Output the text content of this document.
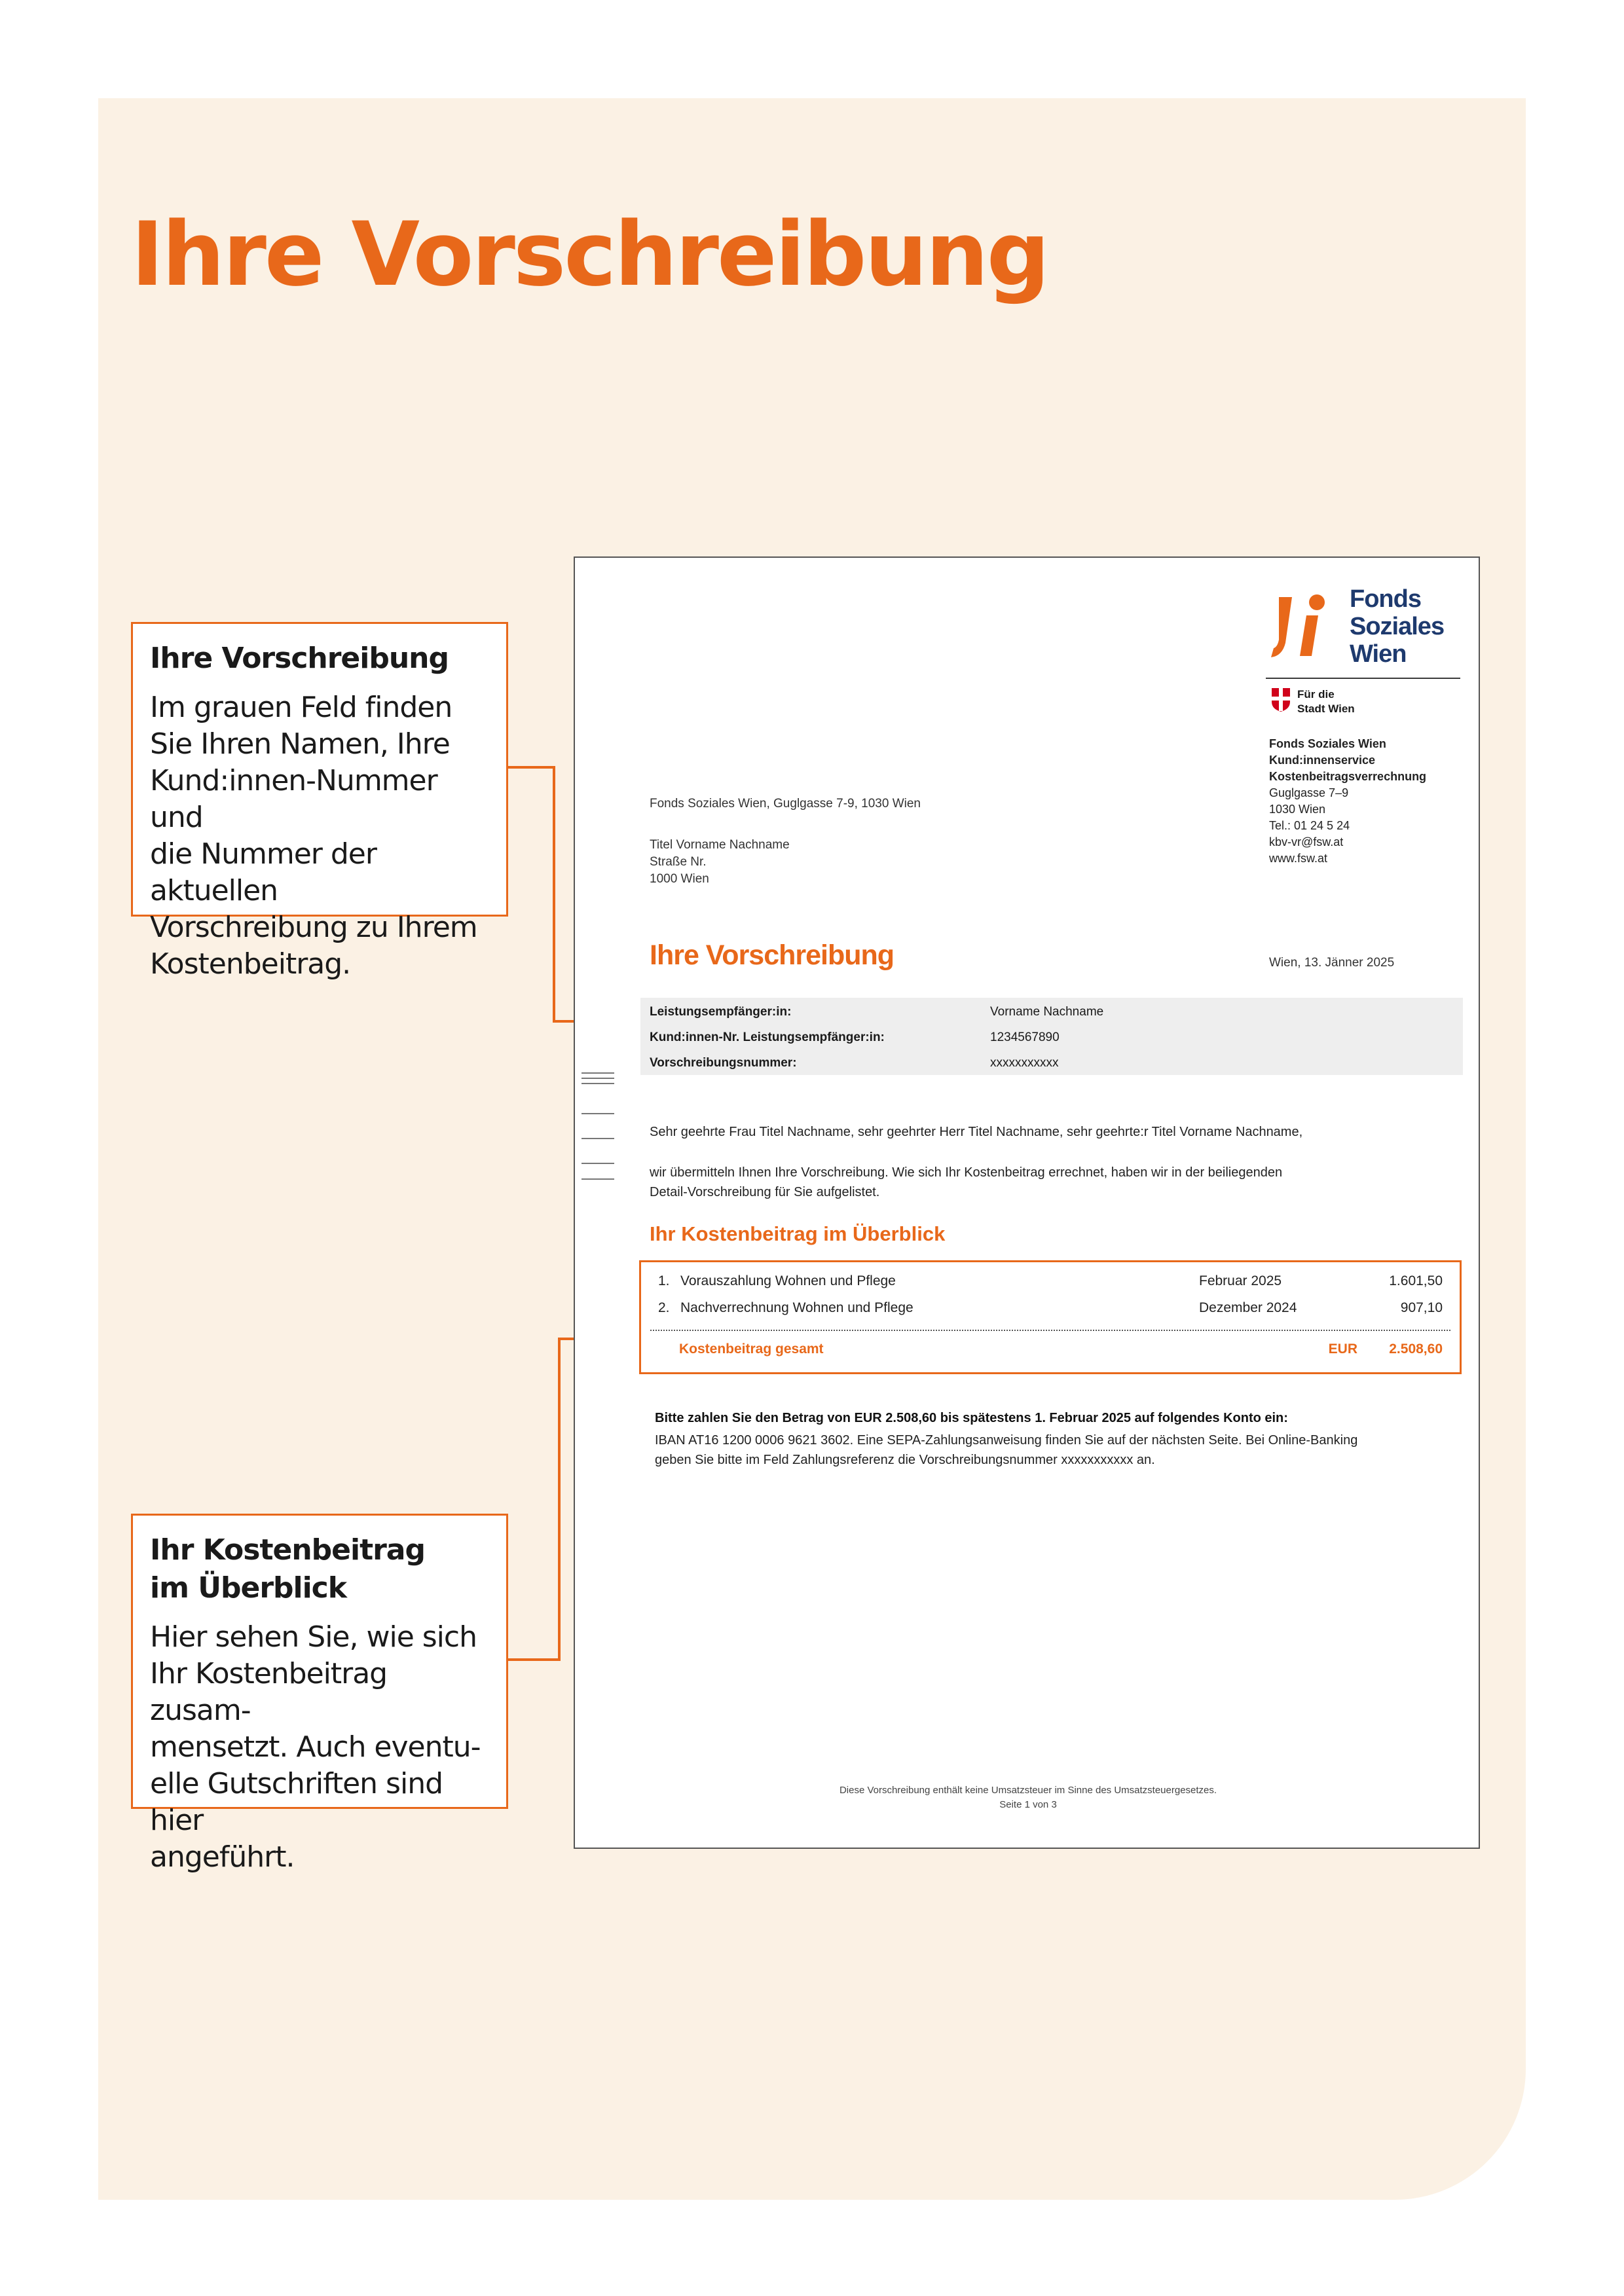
Ihre Vorschreibung
Ihre Vorschreibung
Im grauen Feld finden
Sie Ihren Namen, Ihre
Kund:innen-Nummer und
die Nummer der aktuellen
Vorschreibung zu Ihrem
Kostenbeitrag.
Ihr Kostenbeitrag
im Überblick
Hier sehen Sie, wie sich
Ihr Kostenbeitrag zusam-
mensetzt. Auch eventu-
elle Gutschriften sind hier
angeführt.
Fonds
Soziales
Wien
Für die
Stadt Wien
Fonds Soziales Wien
Kund:innenservice
Kostenbeitragsverrechnung
Guglgasse 7–9
1030 Wien
Tel.: 01 24 5 24
kbv-vr@fsw.at
www.fsw.at
Fonds Soziales Wien, Guglgasse 7-9, 1030 Wien
Titel Vorname Nachname
Straße Nr.
1000 Wien
Ihre Vorschreibung	Wien, 13. Jänner 2025
Leistungsempfänger:in:	Vorname Nachname
Kund:innen-Nr. Leistungsempfänger:in:	1234567890
Vorschreibungsnummer:	xxxxxxxxxxx
Sehr geehrte Frau Titel Nachname, sehr geehrter Herr Titel Nachname, sehr geehrte:r Titel Vorname Nachname,
wir übermitteln Ihnen Ihre Vorschreibung. Wie sich Ihr Kostenbeitrag errechnet, haben wir in der beiliegenden
Detail-Vorschreibung für Sie aufgelistet.
Ihr Kostenbeitrag im Überblick
1. Vorauszahlung Wohnen und Pflege	Februar 2025	1.601,50
2. Nachverrechnung Wohnen und Pflege	Dezember 2024	907,10
Kostenbeitrag gesamt	EUR 2.508,60
Bitte zahlen Sie den Betrag von EUR 2.508,60 bis spätestens 1. Februar 2025 auf folgendes Konto ein:
IBAN AT16 1200 0006 9621 3602. Eine SEPA-Zahlungsanweisung finden Sie auf der nächsten Seite. Bei Online-Banking
geben Sie bitte im Feld Zahlungsreferenz die Vorschreibungsnummer xxxxxxxxxxx an.
Diese Vorschreibung enthält keine Umsatzsteuer im Sinne des Umsatzsteuergesetzes.
Seite 1 von 3
